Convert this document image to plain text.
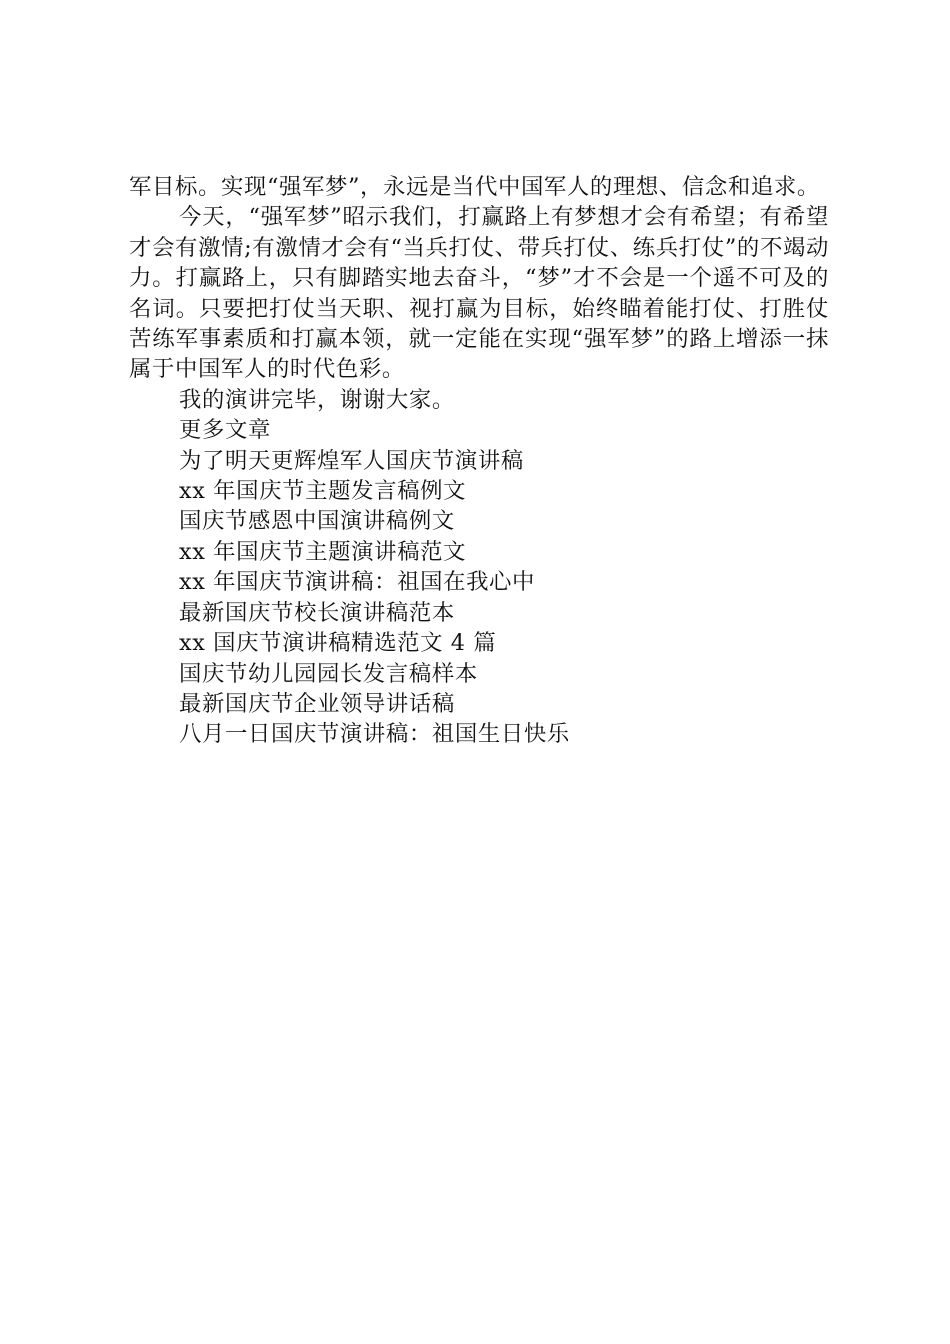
军目标。实现“强军梦”，永远是当代中国军人的理想、信念和追求。

今天，“强军梦”昭示我们，打赢路上有梦想才会有希望；有希望才会有激情;有激情才会有“当兵打仗、带兵打仗、练兵打仗”的不竭动力。打赢路上，只有脚踏实地去奋斗，“梦”才不会是一个遥不可及的名词。只要把打仗当天职、视打赢为目标，始终瞄着能打仗、打胜仗苦练军事素质和打赢本领，就一定能在实现“强军梦”的路上增添一抹属于中国军人的时代色彩。

我的演讲完毕，谢谢大家。

更多文章

为了明天更辉煌军人国庆节演讲稿
xx 年国庆节主题发言稿例文
国庆节感恩中国演讲稿例文
xx 年国庆节主题演讲稿范文
xx 年国庆节演讲稿：祖国在我心中
最新国庆节校长演讲稿范本
xx 国庆节演讲稿精选范文 4 篇
国庆节幼儿园园长发言稿样本
最新国庆节企业领导讲话稿
八月一日国庆节演讲稿：祖国生日快乐
